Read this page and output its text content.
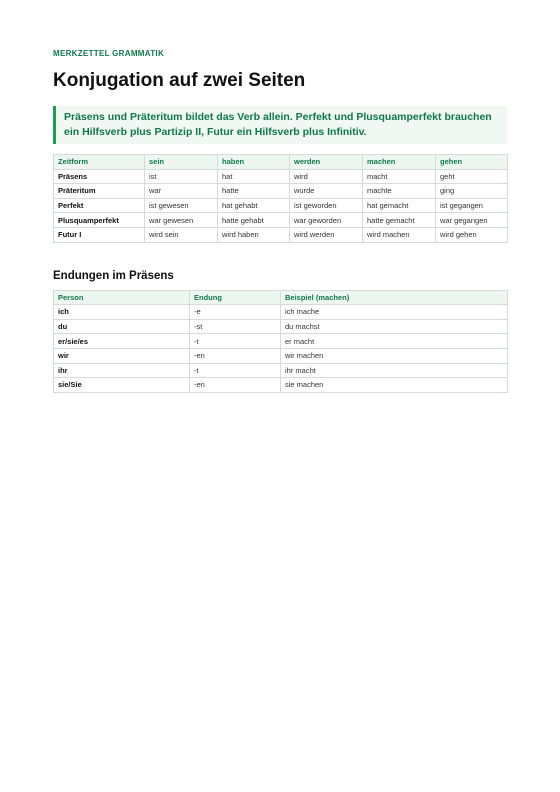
MERKZETTEL GRAMMATIK

Konjugation auf zwei Seiten
Präsens und Präteritum bildet das Verb allein. Perfekt und Plusquamperfekt brauchen ein Hilfsverb plus Partizip II, Futur ein Hilfsverb plus Infinitiv.
Zeitform	sein	haben	werden	machen	gehen
Präsens	ist	hat	wird	macht	geht
Präteritum	war	hatte	wurde	machte	ging
Perfekt	ist gewesen	hat gehabt	ist geworden	hat gemacht	ist gegangen
Plusquamperfekt	war gewesen	hatte gehabt	war geworden	hatte gemacht	war gegangen
Futur I	wird sein	wird haben	wird werden	wird machen	wird gehen
Endungen im Präsens
Person	Endung	Beispiel (machen)
ich	-e	ich mache
du	-st	du machst
er/sie/es	-t	er macht
wir	-en	wir machen
ihr	-t	ihr macht
sie/Sie	-en	sie machen
